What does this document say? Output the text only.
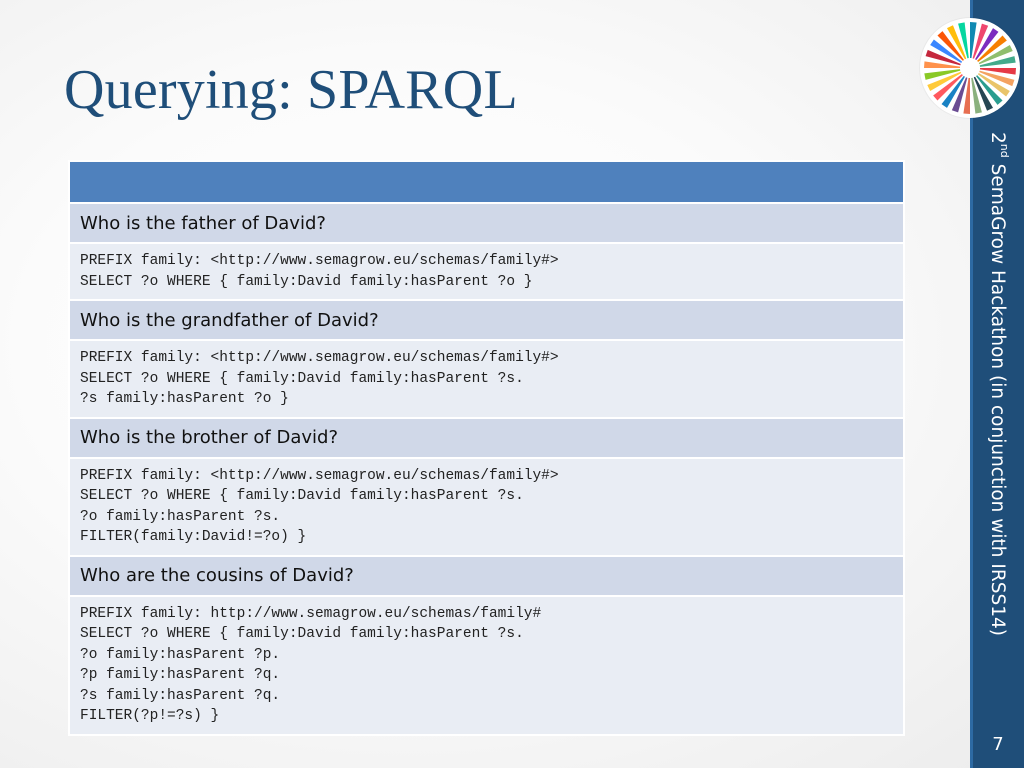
Querying: SPARQL
2nd SemaGrow Hackathon (in conjunction with IRSS14)
7

Who is the father of David?

PREFIX family: <http://www.semagrow.eu/schemas/family#>
SELECT ?o WHERE { family:David family:hasParent ?o }

Who is the grandfather of David?

PREFIX family: <http://www.semagrow.eu/schemas/family#>
SELECT ?o WHERE { family:David family:hasParent ?s.
?s family:hasParent ?o }

Who is the brother of David?

PREFIX family: <http://www.semagrow.eu/schemas/family#>
SELECT ?o WHERE { family:David family:hasParent ?s.
?o family:hasParent ?s.
FILTER(family:David!=?o) }

Who are the cousins of David?

PREFIX family: http://www.semagrow.eu/schemas/family#
SELECT ?o WHERE { family:David family:hasParent ?s.
?o family:hasParent ?p.
?p family:hasParent ?q.
?s family:hasParent ?q.
FILTER(?p!=?s) }
